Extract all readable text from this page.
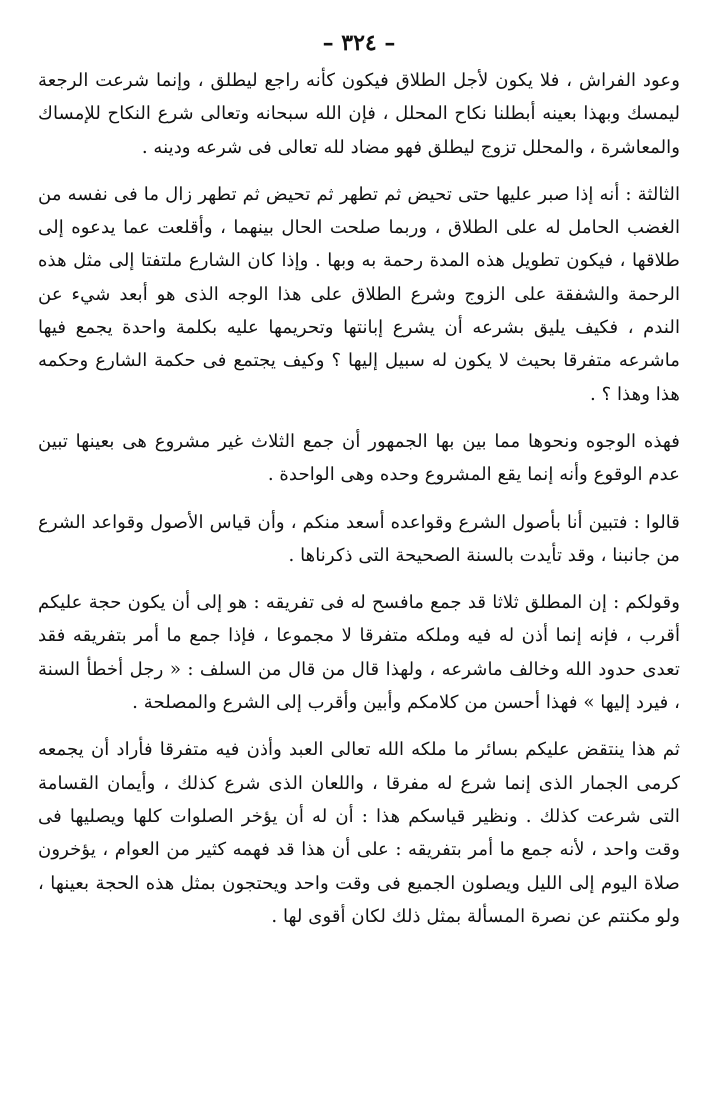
– ٣٢٤ –

وعود الفراش ، فلا يكون لأجل الطلاق فيكون كأنه راجع ليطلق ، وإنما شرعت الرجعة ليمسك وبهذا بعينه أبطلنا نكاح المحلل ، فإن الله سبحانه وتعالى شرع النكاح للإمساك والمعاشرة ، والمحلل تزوج ليطلق فهو مضاد لله تعالى فى شرعه ودينه .

الثالثة : أنه إذا صبر عليها حتى تحيض ثم تطهر ثم تحيض ثم تطهر زال ما فى نفسه من الغضب الحامل له على الطلاق ، وربما صلحت الحال بينهما ، وأقلعت عما يدعوه إلى طلاقها ، فيكون تطويل هذه المدة رحمة به وبها . وإذا كان الشارع ملتفتا إلى مثل هذه الرحمة والشفقة على الزوج وشرع الطلاق على هذا الوجه الذى هو أبعد شيء عن الندم ، فكيف يليق بشرعه أن يشرع إبانتها وتحريمها عليه بكلمة واحدة يجمع فيها ماشرعه متفرقا بحيث لا يكون له سبيل إليها ؟ وكيف يجتمع فى حكمة الشارع وحكمه هذا وهذا ؟ .

فهذه الوجوه ونحوها مما بين بها الجمهور أن جمع الثلاث غير مشروع هى بعينها تبين عدم الوقوع وأنه إنما يقع المشروع وحده وهى الواحدة .

قالوا : فتبين أنا بأصول الشرع وقواعده أسعد منكم ، وأن قياس الأصول وقواعد الشرع من جانبنا ، وقد تأيدت بالسنة الصحيحة التى ذكرناها .

وقولكم : إن المطلق ثلاثا قد جمع مافسح له فى تفريقه : هو إلى أن يكون حجة عليكم أقرب ، فإنه إنما أذن له فيه وملكه متفرقا لا مجموعا ، فإذا جمع ما أمر بتفريقه فقد تعدى حدود الله وخالف ماشرعه ، ولهذا قال من قال من السلف : « رجل أخطأ السنة ، فيرد إليها » فهذا أحسن من كلامكم وأبين وأقرب إلى الشرع والمصلحة .

ثم هذا ينتقض عليكم بسائر ما ملكه الله تعالى العبد وأذن فيه متفرقا فأراد أن يجمعه كرمى الجمار الذى إنما شرع له مفرقا ، واللعان الذى شرع كذلك ، وأيمان القسامة التى شرعت كذلك . ونظير قياسكم هذا : أن له أن يؤخر الصلوات كلها ويصليها فى وقت واحد ، لأنه جمع ما أمر بتفريقه : على أن هذا قد فهمه كثير من العوام ، يؤخرون صلاة اليوم إلى الليل ويصلون الجميع فى وقت واحد ويحتجون بمثل هذه الحجة بعينها ، ولو مكنتم عن نصرة المسألة بمثل ذلك لكان أقوى لها .
